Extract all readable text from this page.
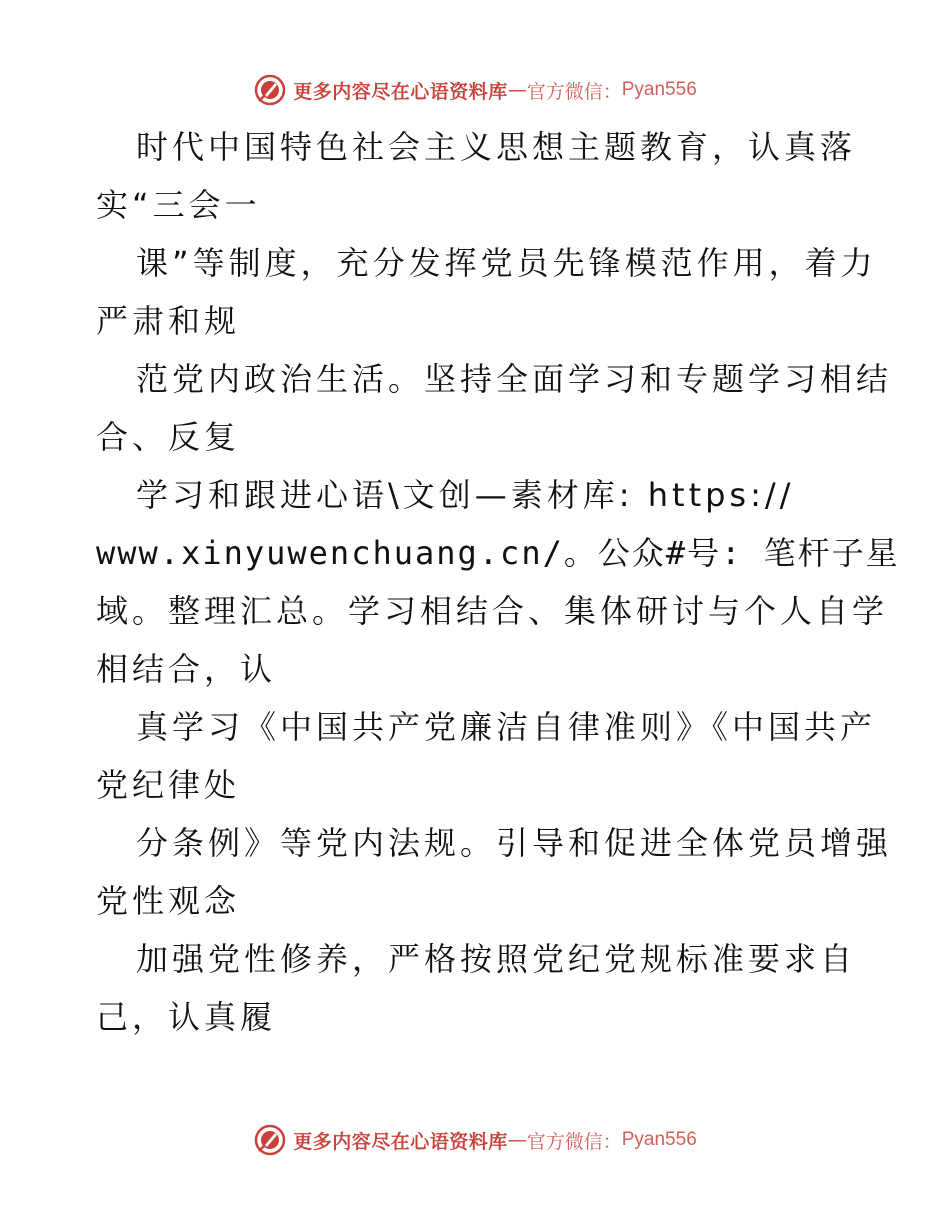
更多内容尽在心语资料库 — 官方微信： Pyan556
时代中国特色社会主义思想主题教育，认真落
实“三会一
课”等制度，充分发挥党员先锋模范作用，着力
严肃和规
范党内政治生活。坚持全面学习和专题学习相结
合、反复
学习和跟进心语\文创—素材库: https://
www.xinyuwenchuang.cn/。公众#号: 笔杆子星
域。整理汇总。学习相结合、集体研讨与个人自学
相结合，认
真学习《中国共产党廉洁自律准则》《中国共产
党纪律处
分条例》等党内法规。引导和促进全体党员增强
党性观念
加强党性修养，严格按照党纪党规标准要求自
己，认真履
更多内容尽在心语资料库 — 官方微信： Pyan556
